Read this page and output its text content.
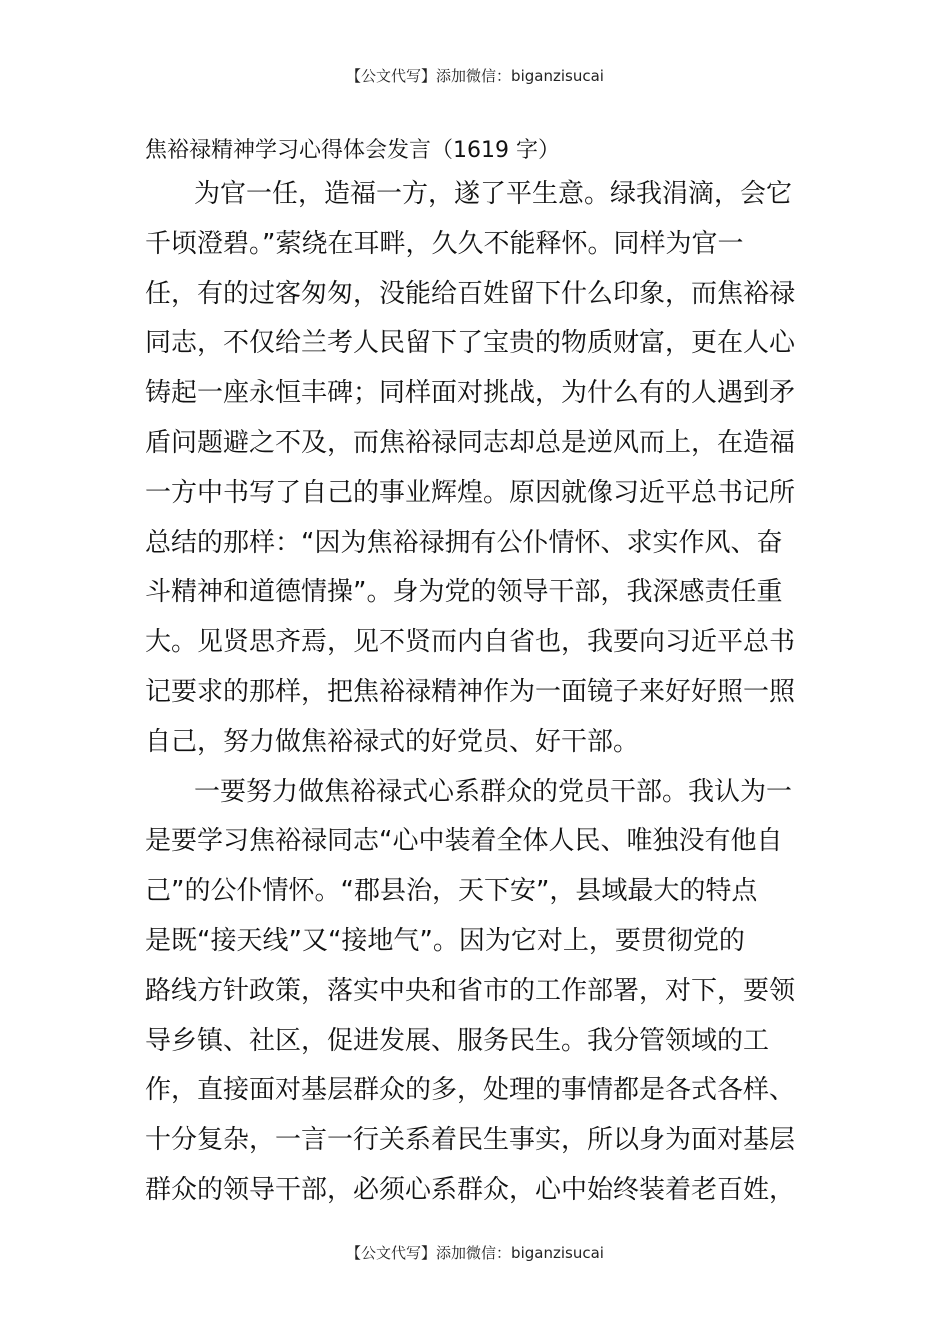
【公文代写】添加微信：biganzisucai
焦裕禄精神学习心得体会发言（1619 字）
为官一任，造福一方，遂了平生意。绿我涓滴，会它
千顷澄碧。”萦绕在耳畔，久久不能释怀。同样为官一
任，有的过客匆匆，没能给百姓留下什么印象，而焦裕禄
同志，不仅给兰考人民留下了宝贵的物质财富，更在人心
铸起一座永恒丰碑；同样面对挑战，为什么有的人遇到矛
盾问题避之不及，而焦裕禄同志却总是逆风而上，在造福
一方中书写了自己的事业辉煌。原因就像习近平总书记所
总结的那样：“因为焦裕禄拥有公仆情怀、求实作风、奋
斗精神和道德情操”。身为党的领导干部，我深感责任重
大。见贤思齐焉，见不贤而内自省也，我要向习近平总书
记要求的那样，把焦裕禄精神作为一面镜子来好好照一照
自己，努力做焦裕禄式的好党员、好干部。
一要努力做焦裕禄式心系群众的党员干部。我认为一
是要学习焦裕禄同志“心中装着全体人民、唯独没有他自
己”的公仆情怀。“郡县治，天下安”，县域最大的特点
是既“接天线”又“接地气”。因为它对上，要贯彻党的
路线方针政策，落实中央和省市的工作部署，对下，要领
导乡镇、社区，促进发展、服务民生。我分管领域的工
作，直接面对基层群众的多，处理的事情都是各式各样、
十分复杂，一言一行关系着民生事实，所以身为面对基层
群众的领导干部，必须心系群众，心中始终装着老百姓，
【公文代写】添加微信：biganzisucai
